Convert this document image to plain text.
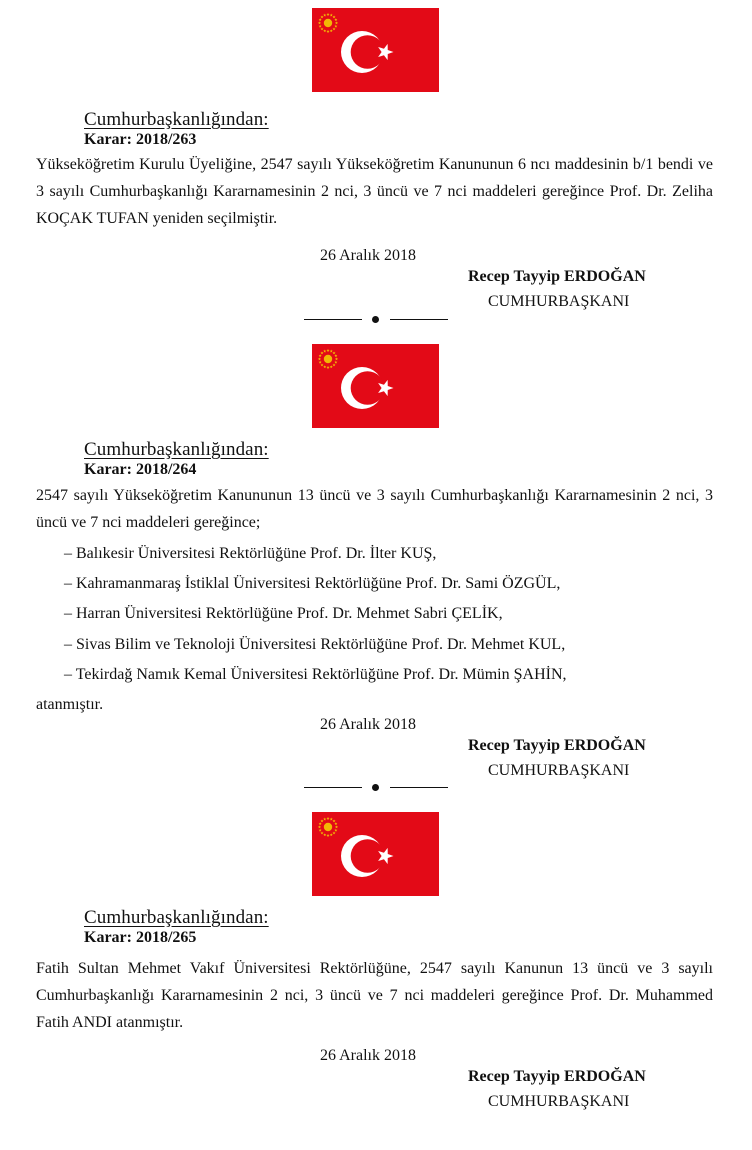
Cumhurbaşkanlığından:
Karar: 2018/263
Yükseköğretim Kurulu Üyeliğine, 2547 sayılı Yükseköğretim Kanununun 6 ncı maddesinin b/1 bendi ve 3 sayılı Cumhurbaşkanlığı Kararnamesinin 2 nci, 3 üncü ve 7 nci maddeleri gereğince Prof. Dr. Zeliha KOÇAK TUFAN yeniden seçilmiştir.
26 Aralık 2018
Recep Tayyip ERDOĞAN
CUMHURBAŞKANI
Cumhurbaşkanlığından:
Karar: 2018/264
2547 sayılı Yükseköğretim Kanununun 13 üncü ve 3 sayılı Cumhurbaşkanlığı Kararnamesinin 2 nci, 3 üncü ve 7 nci maddeleri gereğince;
– Balıkesir Üniversitesi Rektörlüğüne Prof. Dr. İlter KUŞ,
– Kahramanmaraş İstiklal Üniversitesi Rektörlüğüne Prof. Dr. Sami ÖZGÜL,
– Harran Üniversitesi Rektörlüğüne Prof. Dr. Mehmet Sabri ÇELİK,
– Sivas Bilim ve Teknoloji Üniversitesi Rektörlüğüne Prof. Dr. Mehmet KUL,
– Tekirdağ Namık Kemal Üniversitesi Rektörlüğüne Prof. Dr. Mümin ŞAHİN,
atanmıştır.
26 Aralık 2018
Recep Tayyip ERDOĞAN
CUMHURBAŞKANI
Cumhurbaşkanlığından:
Karar: 2018/265
Fatih Sultan Mehmet Vakıf Üniversitesi Rektörlüğüne, 2547 sayılı Kanunun 13 üncü ve 3 sayılı Cumhurbaşkanlığı Kararnamesinin 2 nci, 3 üncü ve 7 nci maddeleri gereğince Prof. Dr. Muhammed Fatih ANDI atanmıştır.
26 Aralık 2018
Recep Tayyip ERDOĞAN
CUMHURBAŞKANI
